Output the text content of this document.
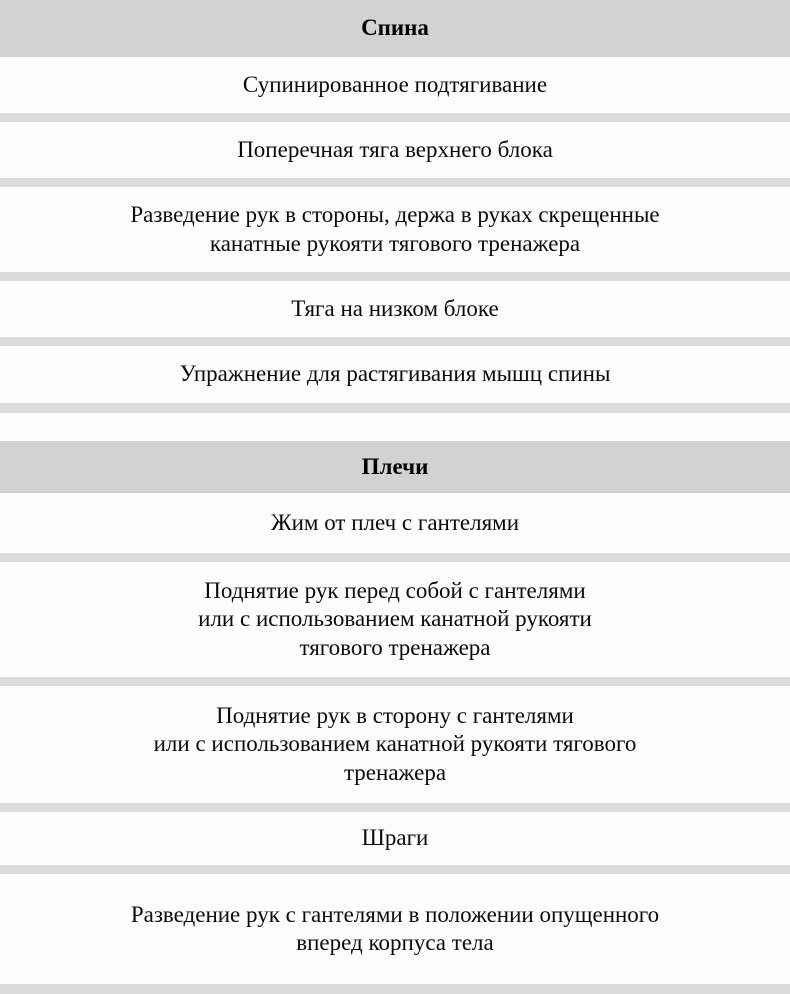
Спина
Супинированное подтягивание
Поперечная тяга верхнего блока
Разведение рук в стороны, держа в руках скрещенные
канатные рукояти тягового тренажера
Тяга на низком блоке
Упражнение для растягивания мышц спины
Плечи
Жим от плеч с гантелями
Поднятие рук перед собой с гантелями
или с использованием канатной рукояти
тягового тренажера
Поднятие рук в сторону с гантелями
или с использованием канатной рукояти тягового
тренажера
Шраги
Разведение рук с гантелями в положении опущенного
вперед корпуса тела
